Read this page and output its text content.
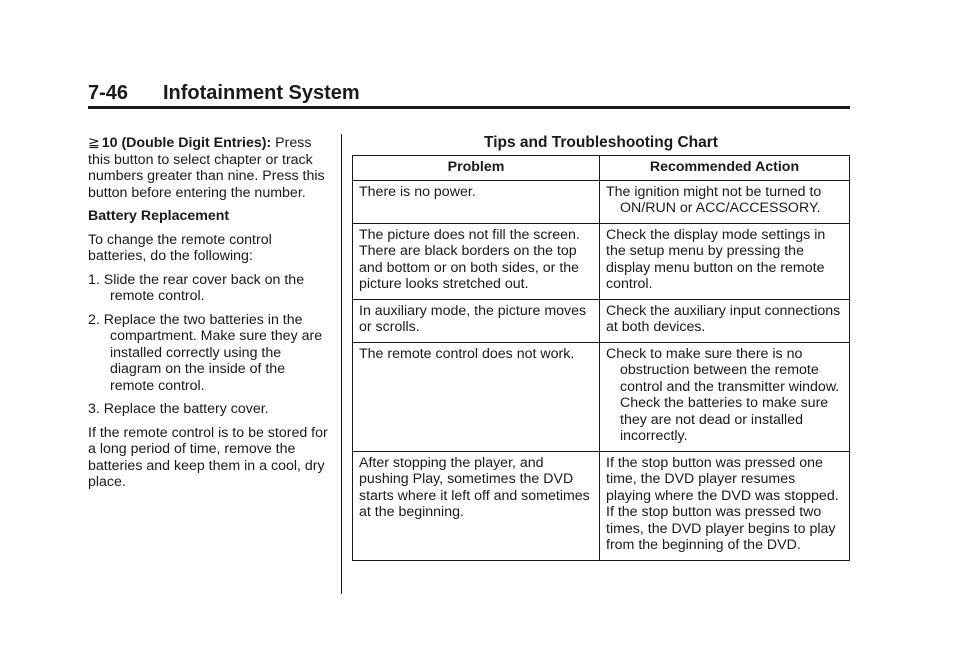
7-46 Infotainment System

≧ 10 (Double Digit Entries): Press this button to select chapter or track numbers greater than nine. Press this button before entering the number.

Battery Replacement

To change the remote control batteries, do the following:

1. Slide the rear cover back on the remote control.
2. Replace the two batteries in the compartment. Make sure they are installed correctly using the diagram on the inside of the remote control.
3. Replace the battery cover.

If the remote control is to be stored for a long period of time, remove the batteries and keep them in a cool, dry place.

Tips and Troubleshooting Chart
Problem	Recommended Action
There is no power.	The ignition might not be turned to ON/RUN or ACC/ACCESSORY.

The picture does not fill the screen. There are black borders on the top and bottom or on both sides, or the picture looks stretched out.	Check the display mode settings in the setup menu by pressing the display menu button on the remote control.
In auxiliary mode, the picture moves or scrolls.	Check the auxiliary input connections at both devices.
The remote control does not work.	Check to make sure there is no obstruction between the remote control and the transmitter window. Check the batteries to make sure they are not dead or installed incorrectly.

After stopping the player, and pushing Play, sometimes the DVD starts where it left off and sometimes at the beginning.	If the stop button was pressed one time, the DVD player resumes playing where the DVD was stopped. If the stop button was pressed two times, the DVD player begins to play from the beginning of the DVD.
